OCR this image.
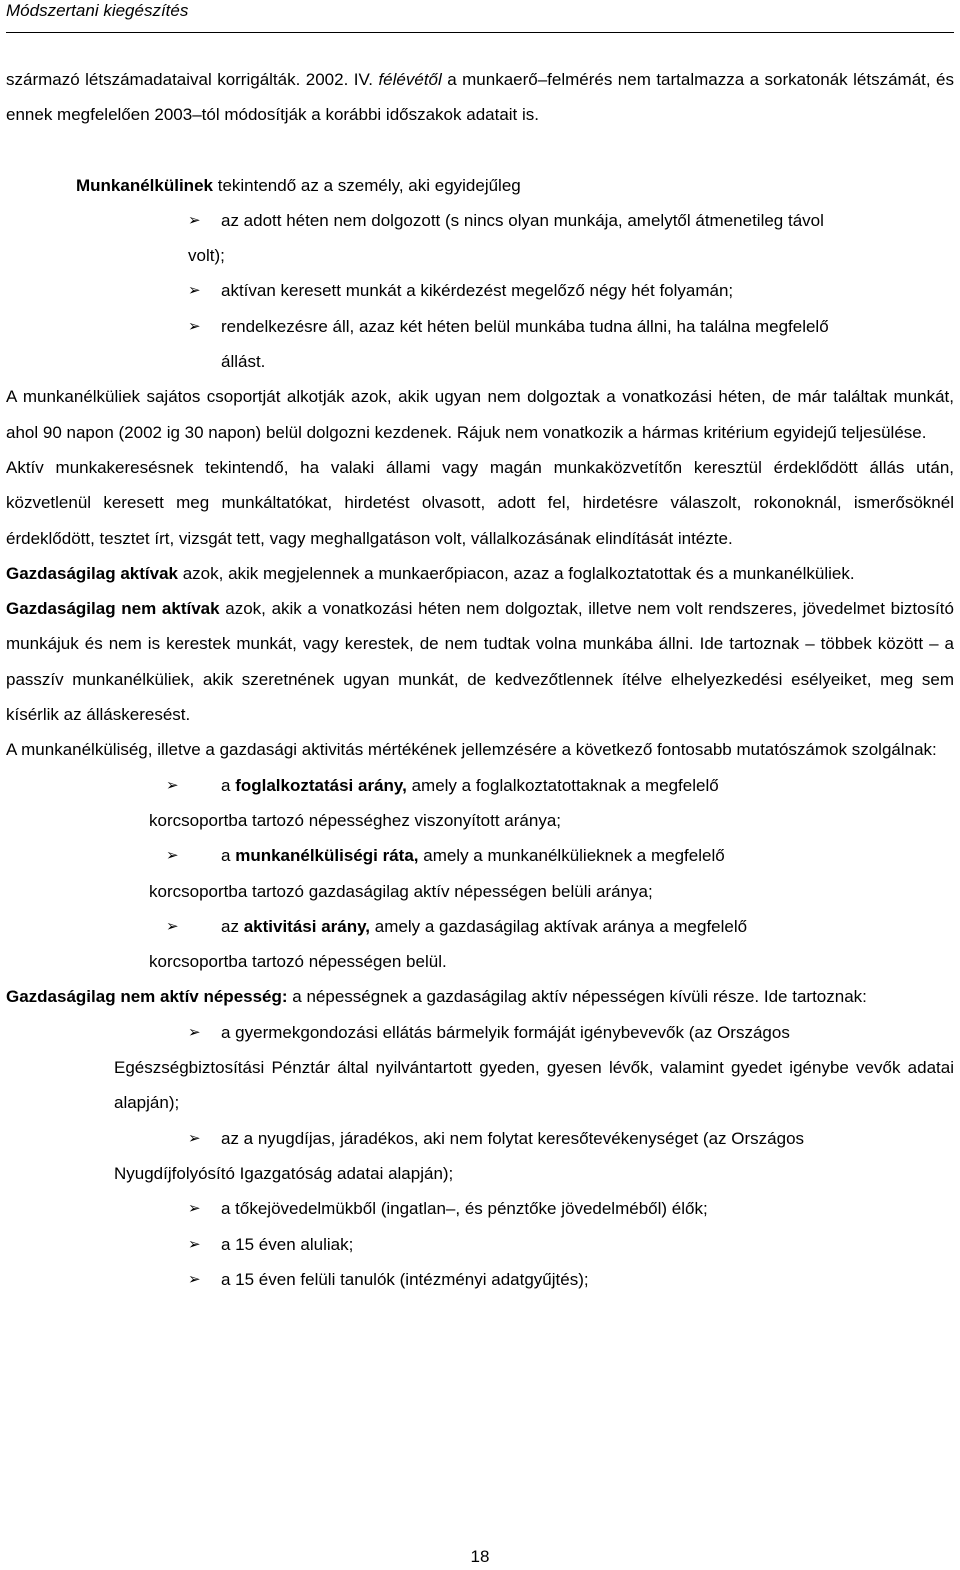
Módszertani kiegészítés

származó létszámadataival korrigálták. 2002. IV. félévétől a munkaerő–felmérés nem tartalmazza a sorkatonák létszámát, és ennek megfelelően 2003–tól módosítják a korábbi időszakok adatait is.

Munkanélkülinek tekintendő az a személy, aki egyidejűleg

➢ az adott héten nem dolgozott (s nincs olyan munkája, amelytől átmenetileg távol

volt);

➢ aktívan keresett munkát a kikérdezést megelőző négy hét folyamán;

➢ rendelkezésre áll, azaz két héten belül munkába tudna állni, ha találna megfelelő állást.

A munkanélküliek sajátos csoportját alkotják azok, akik ugyan nem dolgoztak a vonatkozási héten, de már találtak munkát, ahol 90 napon (2002 ig 30 napon) belül dolgozni kezdenek. Rájuk nem vonatkozik a hármas kritérium egyidejű teljesülése.

Aktív munkakeresésnek tekintendő, ha valaki állami vagy magán munkaközvetítőn keresztül érdeklődött állás után, közvetlenül keresett meg munkáltatókat, hirdetést olvasott, adott fel, hirdetésre válaszolt, rokonoknál, ismerősöknél érdeklődött, tesztet írt, vizsgát tett, vagy meghallgatáson volt, vállalkozásának elindítását intézte.

Gazdaságilag aktívak azok, akik megjelennek a munkaerőpiacon, azaz a foglalkoztatottak és a munkanélküliek.

Gazdaságilag nem aktívak azok, akik a vonatkozási héten nem dolgoztak, illetve nem volt rendszeres, jövedelmet biztosító munkájuk és nem is kerestek munkát, vagy kerestek, de nem tudtak volna munkába állni. Ide tartoznak – többek között – a passzív munkanélküliek, akik szeretnének ugyan munkát, de kedvezőtlennek ítélve elhelyezkedési esélyeiket, meg sem kísérlik az álláskeresést.

A munkanélküliség, illetve a gazdasági aktivitás mértékének jellemzésére a következő fontosabb mutatószámok szolgálnak:

➢ a foglalkoztatási arány, amely a foglalkoztatottaknak a megfelelő

korcsoportba tartozó népességhez viszonyított aránya;

➢ a munkanélküliségi ráta, amely a munkanélkülieknek a megfelelő

korcsoportba tartozó gazdaságilag aktív népességen belüli aránya;

➢ az aktivitási arány, amely a gazdaságilag aktívak aránya a megfelelő

korcsoportba tartozó népességen belül.

Gazdaságilag nem aktív népesség: a népességnek a gazdaságilag aktív népességen kívüli része. Ide tartoznak:

➢ a gyermekgondozási ellátás bármelyik formáját igénybevevők (az Országos

Egészségbiztosítási Pénztár által nyilvántartott gyeden, gyesen lévők, valamint gyedet igénybe vevők adatai alapján);

➢ az a nyugdíjas, járadékos, aki nem folytat keresőtevékenységet (az Országos

Nyugdíjfolyósító Igazgatóság adatai alapján);

➢ a tőkejövedelmükből (ingatlan–, és pénztőke jövedelméből) élők;

➢ a 15 éven aluliak;

➢ a 15 éven felüli tanulók (intézményi adatgyűjtés);

18
